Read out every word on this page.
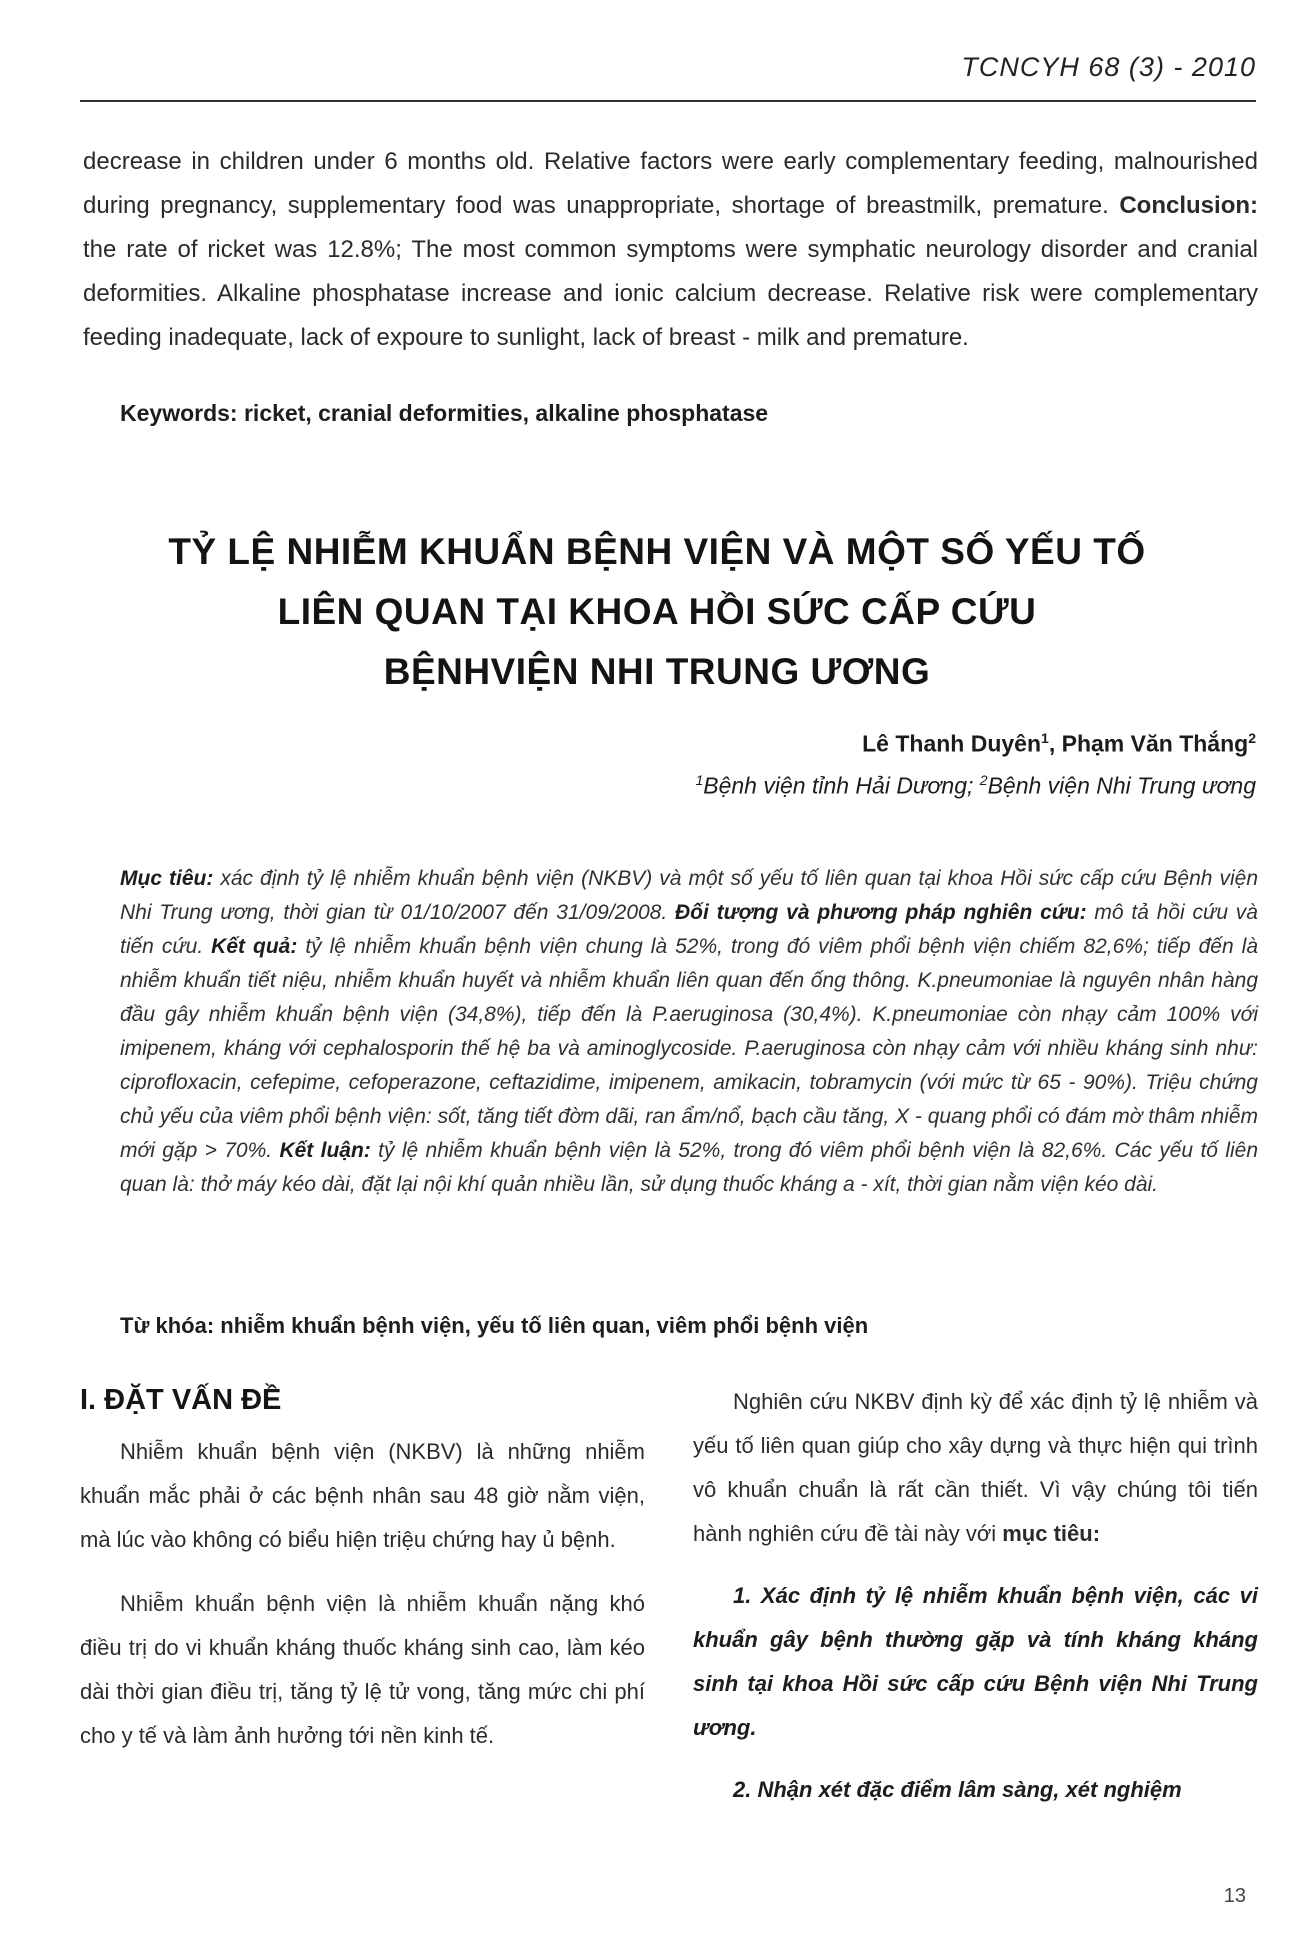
TCNCYH 68 (3) - 2010
decrease in children under 6 months old. Relative factors were early complementary feeding, malnourished during pregnancy, supplementary food was unappropriate, shortage of breastmilk, premature. Conclusion: the rate of ricket was 12.8%; The most common symptoms were symphatic neurology disorder and cranial deformities. Alkaline phosphatase increase and ionic calcium decrease. Relative risk were complementary feeding inadequate, lack of expoure to sunlight, lack of breast - milk and premature.
Keywords: ricket, cranial deformities, alkaline phosphatase
TỶ LỆ NHIỄM KHUẨN BỆNH VIỆN VÀ MỘT SỐ YẾU TỐ
LIÊN QUAN TẠI KHOA HỒI SỨC CẤP CỨU
BỆNHVIỆN NHI TRUNG ƯƠNG
Lê Thanh Duyên$^1$, Phạm Văn Thắng$^2$
$^1$Bệnh viện tỉnh Hải Dương; $^2$Bệnh viện Nhi Trung ương
Mục tiêu: xác định tỷ lệ nhiễm khuẩn bệnh viện (NKBV) và một số yếu tố liên quan tại khoa Hồi sức cấp cứu Bệnh viện Nhi Trung ương, thời gian từ 01/10/2007 đến 31/09/2008. Đối tượng và phương pháp nghiên cứu: mô tả hồi cứu và tiến cứu. Kết quả: tỷ lệ nhiễm khuẩn bệnh viện chung là 52%, trong đó viêm phổi bệnh viện chiếm 82,6%; tiếp đến là nhiễm khuẩn tiết niệu, nhiễm khuẩn huyết và nhiễm khuẩn liên quan đến ống thông. K.pneumoniae là nguyên nhân hàng đầu gây nhiễm khuẩn bệnh viện (34,8%), tiếp đến là P.aeruginosa (30,4%). K.pneumoniae còn nhạy cảm 100% với imipenem, kháng với cephalosporin thế hệ ba và aminoglycoside. P.aeruginosa còn nhạy cảm với nhiều kháng sinh như: ciprofloxacin, cefepime, cefoperazone, ceftazidime, imipenem, amikacin, tobramycin (với mức từ 65 - 90%). Triệu chứng chủ yếu của viêm phổi bệnh viện: sốt, tăng tiết đờm dãi, ran ẩm/nổ, bạch cầu tăng, X - quang phổi có đám mờ thâm nhiễm mới gặp > 70%. Kết luận: tỷ lệ nhiễm khuẩn bệnh viện là 52%, trong đó viêm phổi bệnh viện là 82,6%. Các yếu tố liên quan là: thở máy kéo dài, đặt lại nội khí quản nhiều lần, sử dụng thuốc kháng a - xít, thời gian nằm viện kéo dài.
Từ khóa: nhiễm khuẩn bệnh viện, yếu tố liên quan, viêm phổi bệnh viện
I. ĐẶT VẤN ĐỀ

Nhiễm khuẩn bệnh viện (NKBV) là những nhiễm khuẩn mắc phải ở các bệnh nhân sau 48 giờ nằm viện, mà lúc vào không có biểu hiện triệu chứng hay ủ bệnh.

Nhiễm khuẩn bệnh viện là nhiễm khuẩn nặng khó điều trị do vi khuẩn kháng thuốc kháng sinh cao, làm kéo dài thời gian điều trị, tăng tỷ lệ tử vong, tăng mức chi phí cho y tế và làm ảnh hưởng tới nền kinh tế.

Nghiên cứu NKBV định kỳ để xác định tỷ lệ nhiễm và yếu tố liên quan giúp cho xây dựng và thực hiện qui trình vô khuẩn chuẩn là rất cần thiết. Vì vậy chúng tôi tiến hành nghiên cứu đề tài này với mục tiêu:

1. Xác định tỷ lệ nhiễm khuẩn bệnh viện, các vi khuẩn gây bệnh thường gặp và tính kháng kháng sinh tại khoa Hồi sức cấp cứu Bệnh viện Nhi Trung ương.

2. Nhận xét đặc điểm lâm sàng, xét nghiệm

13
